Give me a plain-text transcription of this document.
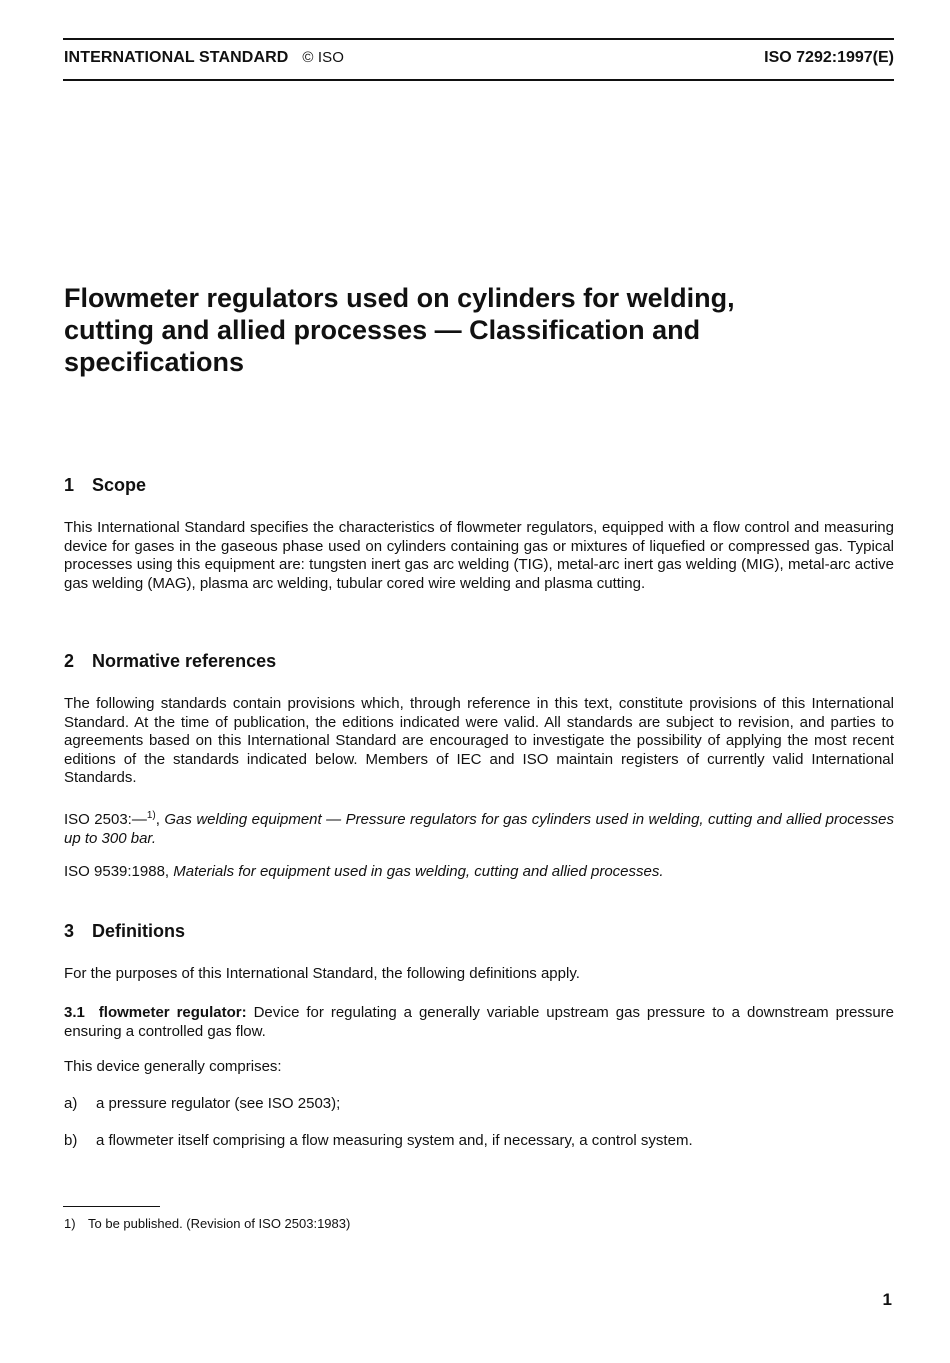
INTERNATIONAL STANDARD © ISO	ISO 7292:1997(E)
Flowmeter regulators used on cylinders for welding, cutting and allied processes — Classification and specifications
1 Scope

This International Standard specifies the characteristics of flowmeter regulators, equipped with a flow control and measuring device for gases in the gaseous phase used on cylinders containing gas or mixtures of liquefied or compressed gas. Typical processes using this equipment are: tungsten inert gas arc welding (TIG), metal-arc inert gas welding (MIG), metal-arc active gas welding (MAG), plasma arc welding, tubular cored wire welding and plasma cutting.

2 Normative references

The following standards contain provisions which, through reference in this text, constitute provisions of this International Standard. At the time of publication, the editions indicated were valid. All standards are subject to revision, and parties to agreements based on this International Standard are encouraged to investigate the possibility of applying the most recent editions of the standards indicated below. Members of IEC and ISO maintain registers of currently valid International Standards.

ISO 2503:—$^{1)}$, Gas welding equipment — Pressure regulators for gas cylinders used in welding, cutting and allied processes up to 300 bar.

ISO 9539:1988, Materials for equipment used in gas welding, cutting and allied processes.

3 Definitions

For the purposes of this International Standard, the following definitions apply.

3.1 flowmeter regulator: Device for regulating a generally variable upstream gas pressure to a downstream pressure ensuring a controlled gas flow.

This device generally comprises:

a) a pressure regulator (see ISO 2503);

b) a flowmeter itself comprising a flow measuring system and, if necessary, a control system.

1) To be published. (Revision of ISO 2503:1983)
1
